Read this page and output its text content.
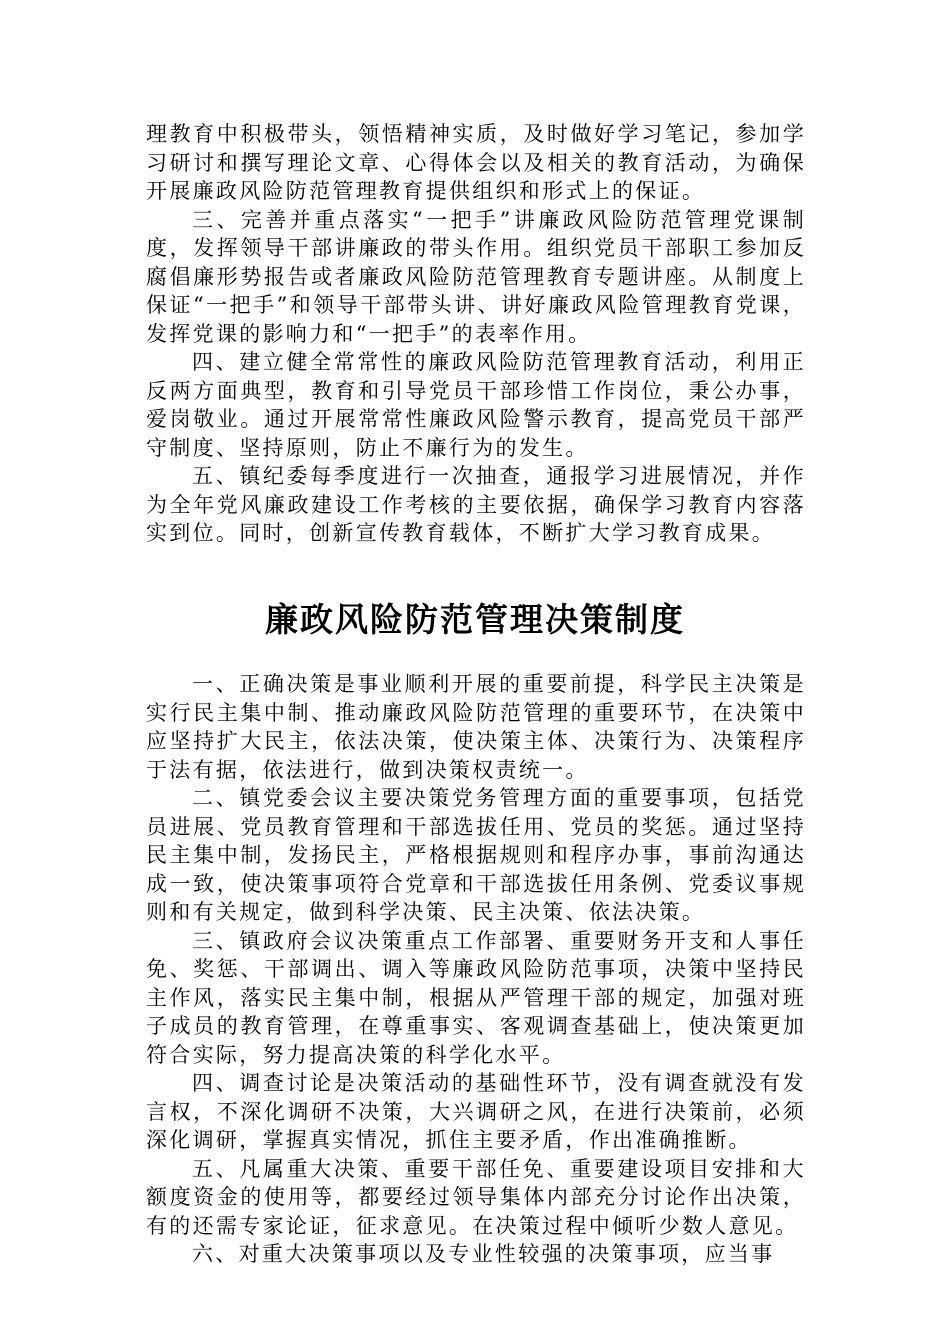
理教育中积极带头，领悟精神实质，及时做好学习笔记，参加学习研讨和撰写理论文章、心得体会以及相关的教育活动，为确保开展廉政风险防范管理教育提供组织和形式上的保证。

三、完善并重点落实“一把手”讲廉政风险防范管理党课制度，发挥领导干部讲廉政的带头作用。组织党员干部职工参加反腐倡廉形势报告或者廉政风险防范管理教育专题讲座。从制度上保证“一把手”和领导干部带头讲、讲好廉政风险管理教育党课，发挥党课的影响力和“一把手”的表率作用。

四、建立健全常常性的廉政风险防范管理教育活动，利用正反两方面典型，教育和引导党员干部珍惜工作岗位，秉公办事，爱岗敬业。通过开展常常性廉政风险警示教育，提高党员干部严守制度、坚持原则，防止不廉行为的发生。

五、镇纪委每季度进行一次抽查，通报学习进展情况，并作为全年党风廉政建设工作考核的主要依据，确保学习教育内容落实到位。同时，创新宣传教育载体，不断扩大学习教育成果。

廉政风险防范管理决策制度

一、正确决策是事业顺利开展的重要前提，科学民主决策是实行民主集中制、推动廉政风险防范管理的重要环节，在决策中应坚持扩大民主，依法决策，使决策主体、决策行为、决策程序于法有据，依法进行，做到决策权责统一。

二、镇党委会议主要决策党务管理方面的重要事项，包括党员进展、党员教育管理和干部选拔任用、党员的奖惩。通过坚持民主集中制，发扬民主，严格根据规则和程序办事，事前沟通达成一致，使决策事项符合党章和干部选拔任用条例、党委议事规则和有关规定，做到科学决策、民主决策、依法决策。

三、镇政府会议决策重点工作部署、重要财务开支和人事任免、奖惩、干部调出、调入等廉政风险防范事项，决策中坚持民主作风，落实民主集中制，根据从严管理干部的规定，加强对班子成员的教育管理，在尊重事实、客观调查基础上，使决策更加符合实际，努力提高决策的科学化水平。

四、调查讨论是决策活动的基础性环节，没有调查就没有发言权，不深化调研不决策，大兴调研之风，在进行决策前，必须深化调研，掌握真实情况，抓住主要矛盾，作出准确推断。

五、凡属重大决策、重要干部任免、重要建设项目安排和大额度资金的使用等，都要经过领导集体内部充分讨论作出决策，有的还需专家论证，征求意见。在决策过程中倾听少数人意见。

六、对重大决策事项以及专业性较强的决策事项，应当事
